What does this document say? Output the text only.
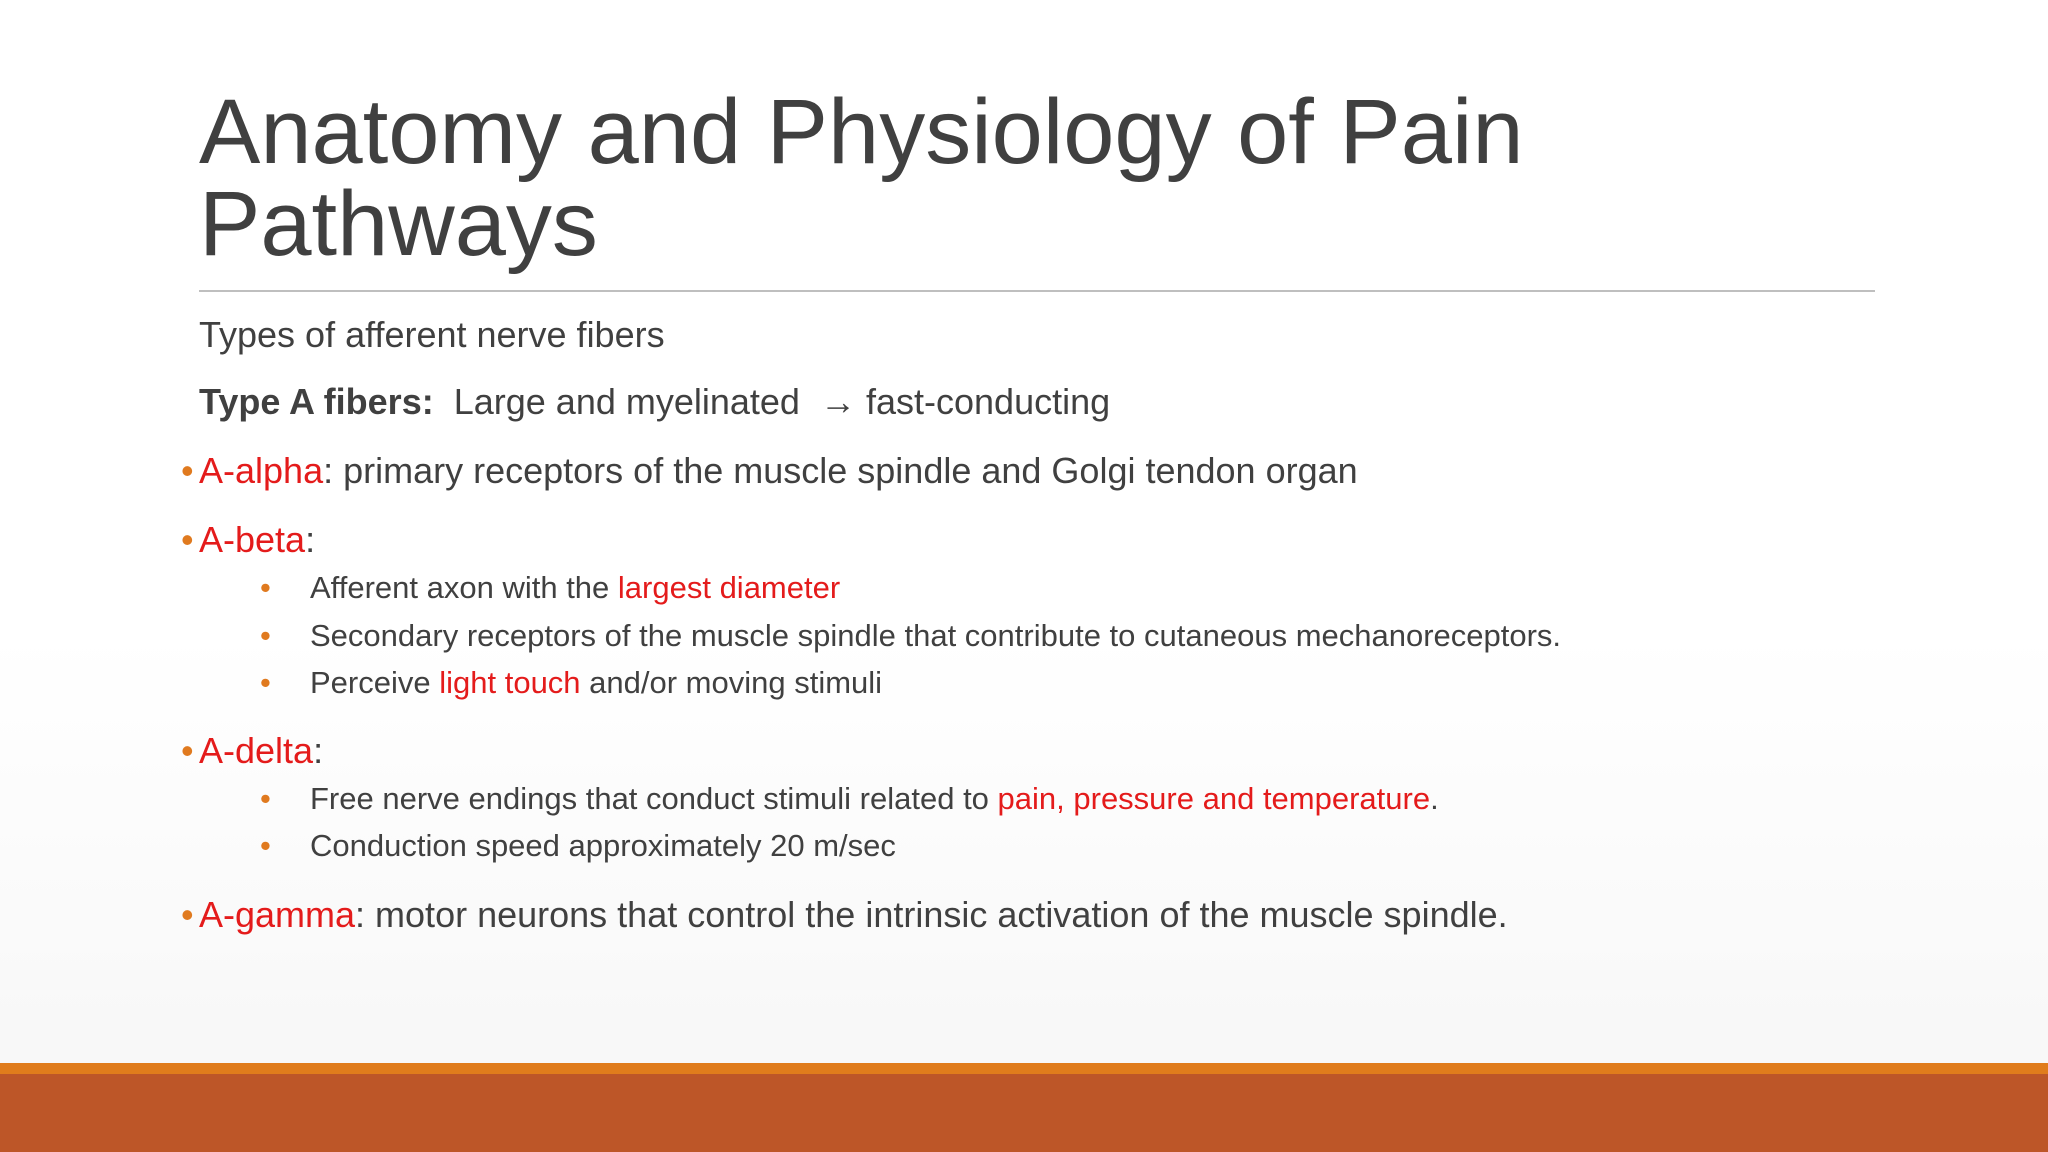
Anatomy and Physiology of Pain
Pathways
Types of afferent nerve fibers
Type A fibers: Large and myelinated → fast-conducting
• A-alpha: primary receptors of the muscle spindle and Golgi tendon organ
• A-beta:
• Afferent axon with the largest diameter
• Secondary receptors of the muscle spindle that contribute to cutaneous mechanoreceptors.
• Perceive light touch and/or moving stimuli
• A-delta:
• Free nerve endings that conduct stimuli related to pain, pressure and temperature.
• Conduction speed approximately 20 m/sec
• A-gamma: motor neurons that control the intrinsic activation of the muscle spindle.
